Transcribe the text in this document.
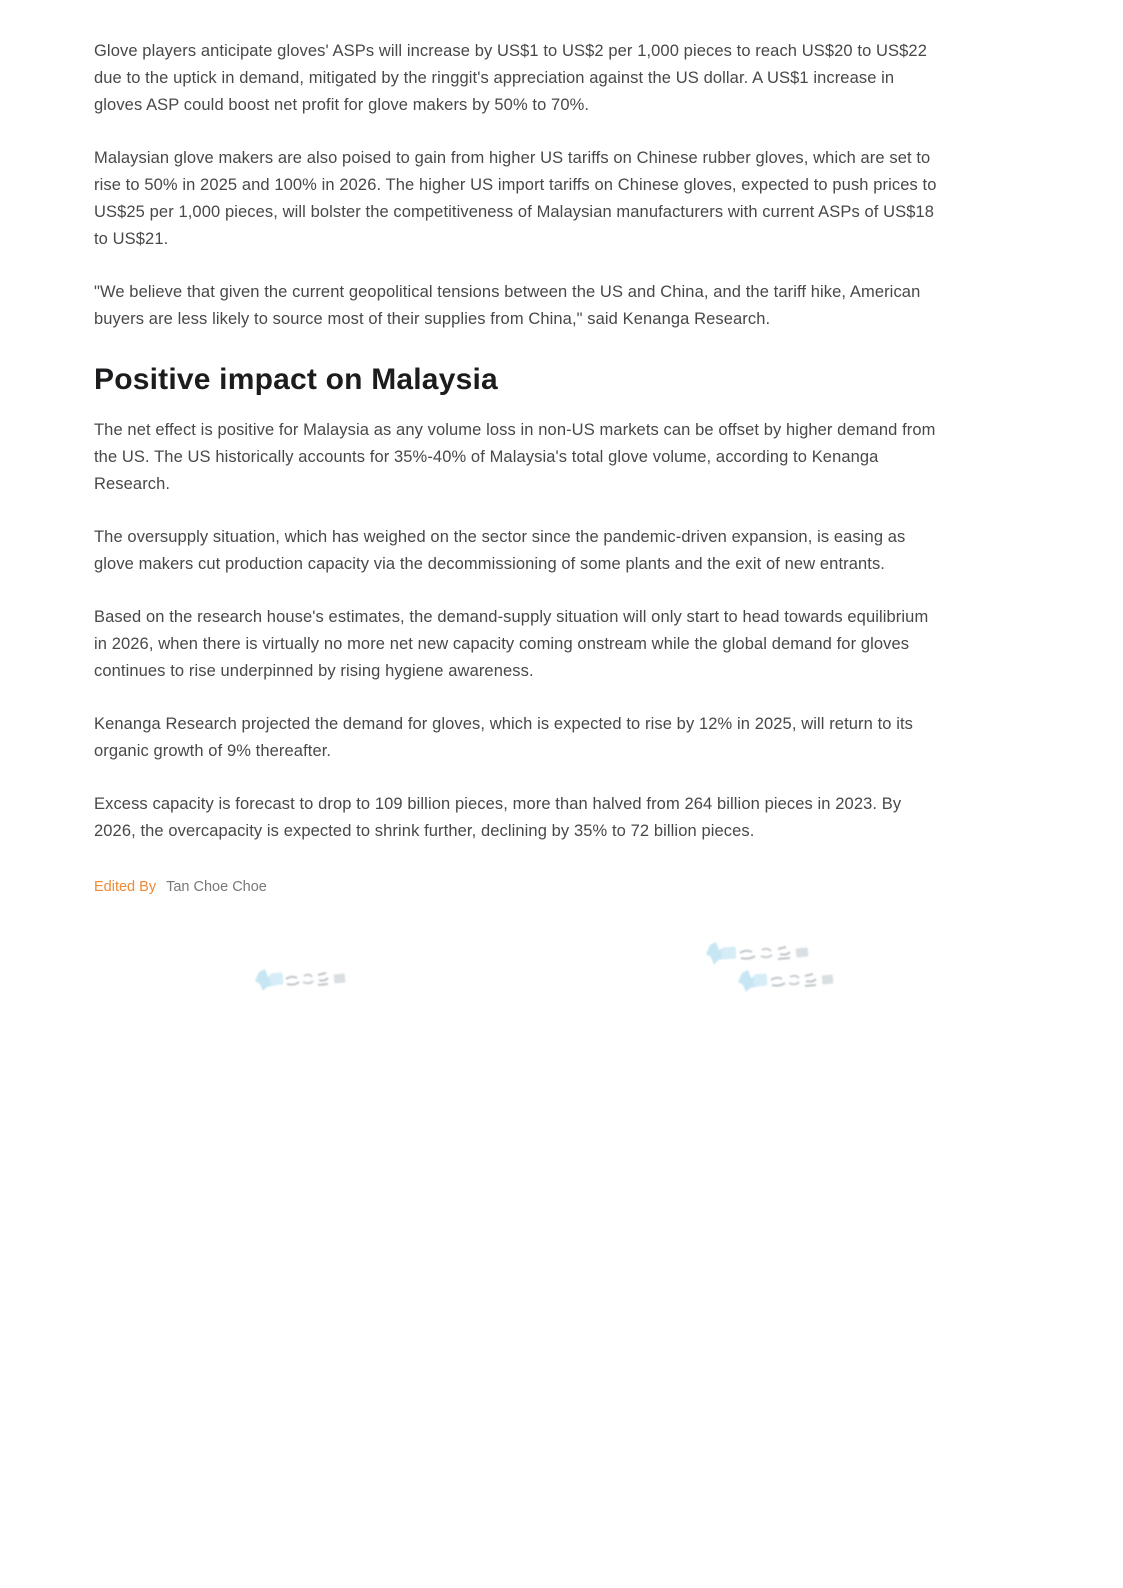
Glove players anticipate gloves' ASPs will increase by US$1 to US$2 per 1,000 pieces to reach US$20 to US$22 due to the uptick in demand, mitigated by the ringgit's appreciation against the US dollar. A US$1 increase in gloves ASP could boost net profit for glove makers by 50% to 70%.

Malaysian glove makers are also poised to gain from higher US tariffs on Chinese rubber gloves, which are set to rise to 50% in 2025 and 100% in 2026. The higher US import tariffs on Chinese gloves, expected to push prices to US$25 per 1,000 pieces, will bolster the competitiveness of Malaysian manufacturers with current ASPs of US$18 to US$21.

"We believe that given the current geopolitical tensions between the US and China, and the tariff hike, American buyers are less likely to source most of their supplies from China," said Kenanga Research.

Positive impact on Malaysia

The net effect is positive for Malaysia as any volume loss in non-US markets can be offset by higher demand from the US. The US historically accounts for 35%-40% of Malaysia's total glove volume, according to Kenanga Research.

The oversupply situation, which has weighed on the sector since the pandemic-driven expansion, is easing as glove makers cut production capacity via the decommissioning of some plants and the exit of new entrants.

Based on the research house's estimates, the demand-supply situation will only start to head towards equilibrium in 2026, when there is virtually no more net new capacity coming onstream while the global demand for gloves continues to rise underpinned by rising hygiene awareness.

Kenanga Research projected the demand for gloves, which is expected to rise by 12% in 2025, will return to its organic growth of 9% thereafter.

Excess capacity is forecast to drop to 109 billion pieces, more than halved from 264 billion pieces in 2023. By 2026, the overcapacity is expected to shrink further, declining by 35% to 72 billion pieces.

Edited By Tan Choe Choe
